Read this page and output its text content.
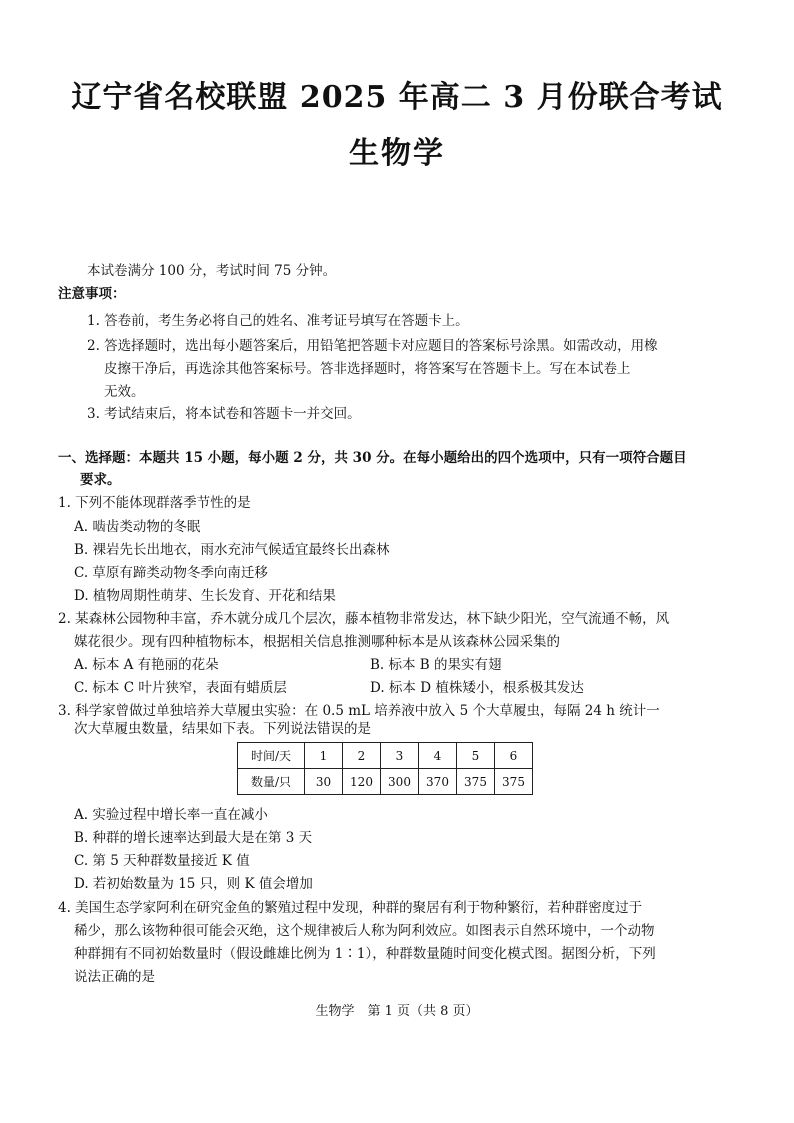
辽宁省名校联盟 2025 年高二 3 月份联合考试
生物学
本试卷满分 100 分，考试时间 75 分钟。
注意事项：
1. 答卷前，考生务必将自己的姓名、准考证号填写在答题卡上。
2. 答选择题时，选出每小题答案后，用铅笔把答题卡对应题目的答案标号涂黑。如需改动，用橡
皮擦干净后，再选涂其他答案标号。答非选择题时，将答案写在答题卡上。写在本试卷上
无效。
3. 考试结束后，将本试卷和答题卡一并交回。
一、选择题：本题共 15 小题，每小题 2 分，共 30 分。在每小题给出的四个选项中，只有一项符合题目
要求。
1. 下列不能体现群落季节性的是
A. 啮齿类动物的冬眠
B. 裸岩先长出地衣，雨水充沛气候适宜最终长出森林
C. 草原有蹄类动物冬季向南迁移
D. 植物周期性萌芽、生长发育、开花和结果
2. 某森林公园物种丰富，乔木就分成几个层次，藤本植物非常发达，林下缺少阳光，空气流通不畅，风
媒花很少。现有四种植物标本，根据相关信息推测哪种标本是从该森林公园采集的
A. 标本 A 有艳丽的花朵	B. 标本 B 的果实有翅
C. 标本 C 叶片狭窄，表面有蜡质层	D. 标本 D 植株矮小，根系极其发达
3. 科学家曾做过单独培养大草履虫实验：在 0.5 mL 培养液中放入 5 个大草履虫，每隔 24 h 统计一
次大草履虫数量，结果如下表。下列说法错误的是
时间/天	1	2	3	4	5	6
数量/只	30	120	300	370	375	375
A. 实验过程中增长率一直在减小
B. 种群的增长速率达到最大是在第 3 天
C. 第 5 天种群数量接近 K 值
D. 若初始数量为 15 只，则 K 值会增加
4. 美国生态学家阿利在研究金鱼的繁殖过程中发现，种群的聚居有利于物种繁衍，若种群密度过于
稀少，那么该物种很可能会灭绝，这个规律被后人称为阿利效应。如图表示自然环境中，一个动物
种群拥有不同初始数量时（假设雌雄比例为 1∶1），种群数量随时间变化模式图。据图分析，下列
说法正确的是
生物学　第 1 页（共 8 页）
